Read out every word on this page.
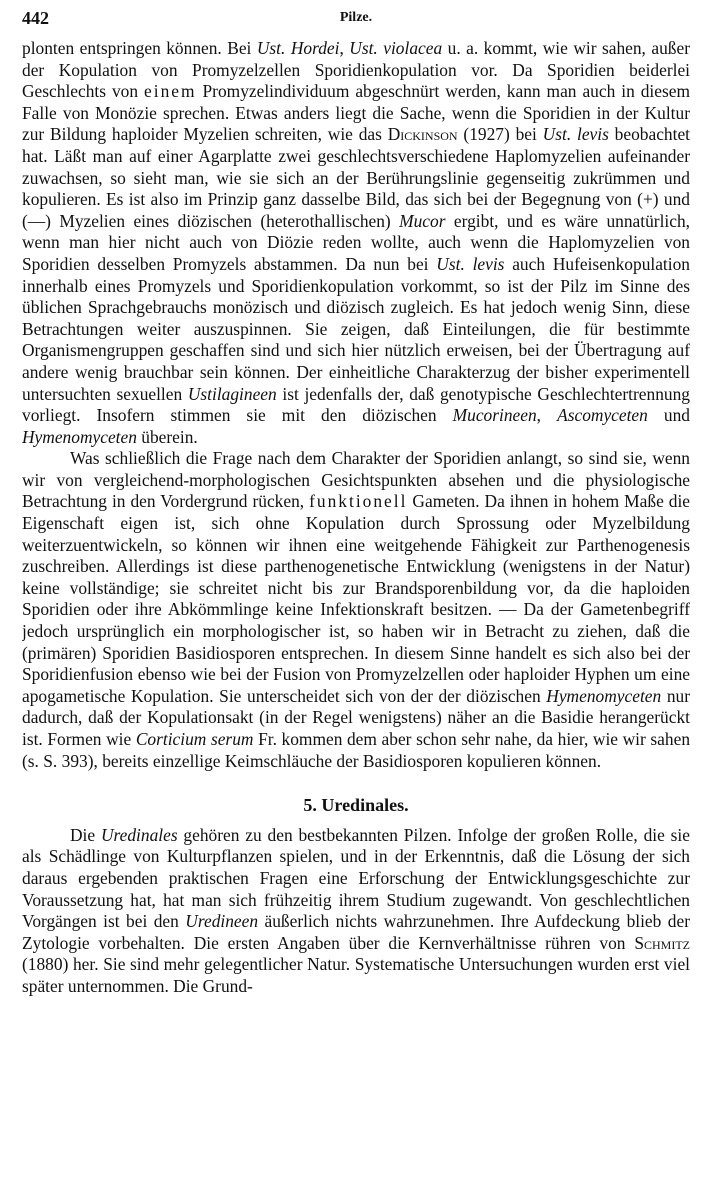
442	Pilze.

plonten entspringen können. Bei Ust. Hordei, Ust. violacea u. a. kommt, wie wir sahen, außer der Kopulation von Promyzelzellen Sporidienkopulation vor. Da Sporidien beiderlei Geschlechts von einem Promyzelindividuum abgeschnürt werden, kann man auch in diesem Falle von Monözie sprechen. Etwas anders liegt die Sache, wenn die Sporidien in der Kultur zur Bildung haploider Myzelien schreiten, wie das Dickinson (1927) bei Ust. levis beobachtet hat. Läßt man auf einer Agarplatte zwei geschlechtsverschiedene Haplomyzelien aufeinander zuwachsen, so sieht man, wie sie sich an der Berührungslinie gegenseitig zukrümmen und kopulieren. Es ist also im Prinzip ganz dasselbe Bild, das sich bei der Begegnung von (+) und (—) Myzelien eines diözischen (heterothallischen) Mucor ergibt, und es wäre unnatürlich, wenn man hier nicht auch von Diözie reden wollte, auch wenn die Haplomyzelien von Sporidien desselben Promyzels abstammen. Da nun bei Ust. levis auch Hufeisenkopulation innerhalb eines Promyzels und Sporidienkopulation vorkommt, so ist der Pilz im Sinne des üblichen Sprachgebrauchs monözisch und diözisch zugleich. Es hat jedoch wenig Sinn, diese Betrachtungen weiter auszuspinnen. Sie zeigen, daß Einteilungen, die für bestimmte Organismengruppen geschaffen sind und sich hier nützlich erweisen, bei der Übertragung auf andere wenig brauchbar sein können. Der einheitliche Charakterzug der bisher experimentell untersuchten sexuellen Ustilagineen ist jedenfalls der, daß genotypische Geschlechtertrennung vorliegt. Insofern stimmen sie mit den diözischen Mucorineen, Ascomyceten und Hymenomyceten überein.

Was schließlich die Frage nach dem Charakter der Sporidien anlangt, so sind sie, wenn wir von vergleichend-morphologischen Gesichtspunkten absehen und die physiologische Betrachtung in den Vordergrund rücken, funktionell Gameten. Da ihnen in hohem Maße die Eigenschaft eigen ist, sich ohne Kopulation durch Sprossung oder Myzelbildung weiterzuentwickeln, so können wir ihnen eine weitgehende Fähigkeit zur Parthenogenesis zuschreiben. Allerdings ist diese parthenogenetische Entwicklung (wenigstens in der Natur) keine vollständige; sie schreitet nicht bis zur Brandsporenbildung vor, da die haploiden Sporidien oder ihre Abkömmlinge keine Infektionskraft besitzen. — Da der Gametenbegriff jedoch ursprünglich ein morphologischer ist, so haben wir in Betracht zu ziehen, daß die (primären) Sporidien Basidiosporen entsprechen. In diesem Sinne handelt es sich also bei der Sporidienfusion ebenso wie bei der Fusion von Promyzelzellen oder haploider Hyphen um eine apogametische Kopulation. Sie unterscheidet sich von der der diözischen Hymenomyceten nur dadurch, daß der Kopulationsakt (in der Regel wenigstens) näher an die Basidie herangerückt ist. Formen wie Corticium serum Fr. kommen dem aber schon sehr nahe, da hier, wie wir sahen (s. S. 393), bereits einzellige Keimschläuche der Basidiosporen kopulieren können.

5. Uredinales.

Die Uredinales gehören zu den bestbekannten Pilzen. Infolge der großen Rolle, die sie als Schädlinge von Kulturpflanzen spielen, und in der Erkenntnis, daß die Lösung der sich daraus ergebenden praktischen Fragen eine Erforschung der Entwicklungsgeschichte zur Voraussetzung hat, hat man sich frühzeitig ihrem Studium zugewandt. Von geschlechtlichen Vorgängen ist bei den Uredineen äußerlich nichts wahrzunehmen. Ihre Aufdeckung blieb der Zytologie vorbehalten. Die ersten Angaben über die Kernverhältnisse rühren von Schmitz (1880) her. Sie sind mehr gelegentlicher Natur. Systematische Untersuchungen wurden erst viel später unternommen. Die Grund-
